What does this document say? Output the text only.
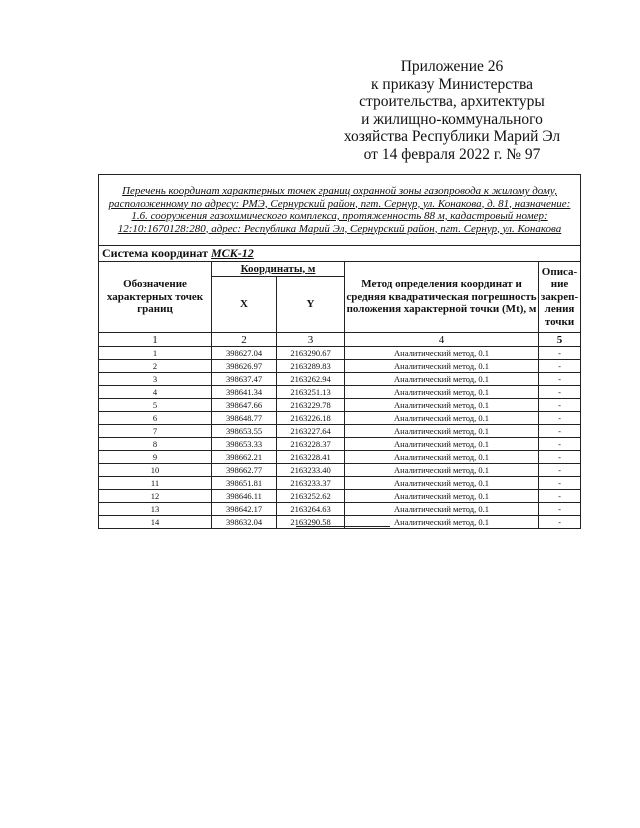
Приложение 26
к приказу Министерства
строительства, архитектуры
и жилищно-коммунального
хозяйства Республики Марий Эл
от 14 февраля 2022 г. № 97
Перечень координат характерных точек границ охранной зоны газопровода к жилому дому, расположенному по адресу: РМЭ, Сернурский район, пгт. Сернур, ул. Конакова, д. 81, назначение: 1.6. сооружения газохимического комплекса, протяженность 88 м, кадастровый номер: 12:10:1670128:280, адрес: Республика Марий Эл, Сернурский район, пгт. Сернур, ул. Конакова				
Система координат МСК-12				
Обозначение характерных точек границ	Координаты, м		Метод определения координат и средняя квадратическая погрешность положения характерной точки (Mt), м	Описа-ние закреп-ления точки
	X	Y		
1	2	3	4	5
1	398627.04	2163290.67	Аналитический метод, 0.1	-
2	398626.97	2163289.83	Аналитический метод, 0.1	-
3	398637.47	2163262.94	Аналитический метод, 0.1	-
4	398641.34	2163251.13	Аналитический метод, 0.1	-
5	398647.66	2163229.78	Аналитический метод, 0.1	-
6	398648.77	2163226.18	Аналитический метод, 0.1	-
7	398653.55	2163227.64	Аналитический метод, 0.1	-
8	398653.33	2163228.37	Аналитический метод, 0.1	-
9	398662.21	2163228.41	Аналитический метод, 0.1	-
10	398662.77	2163233.40	Аналитический метод, 0.1	-
11	398651.81	2163233.37	Аналитический метод, 0.1	-
12	398646.11	2163252.62	Аналитический метод, 0.1	-
13	398642.17	2163264.63	Аналитический метод, 0.1	-
14	398632.04	2163290.58	Аналитический метод, 0.1	-
